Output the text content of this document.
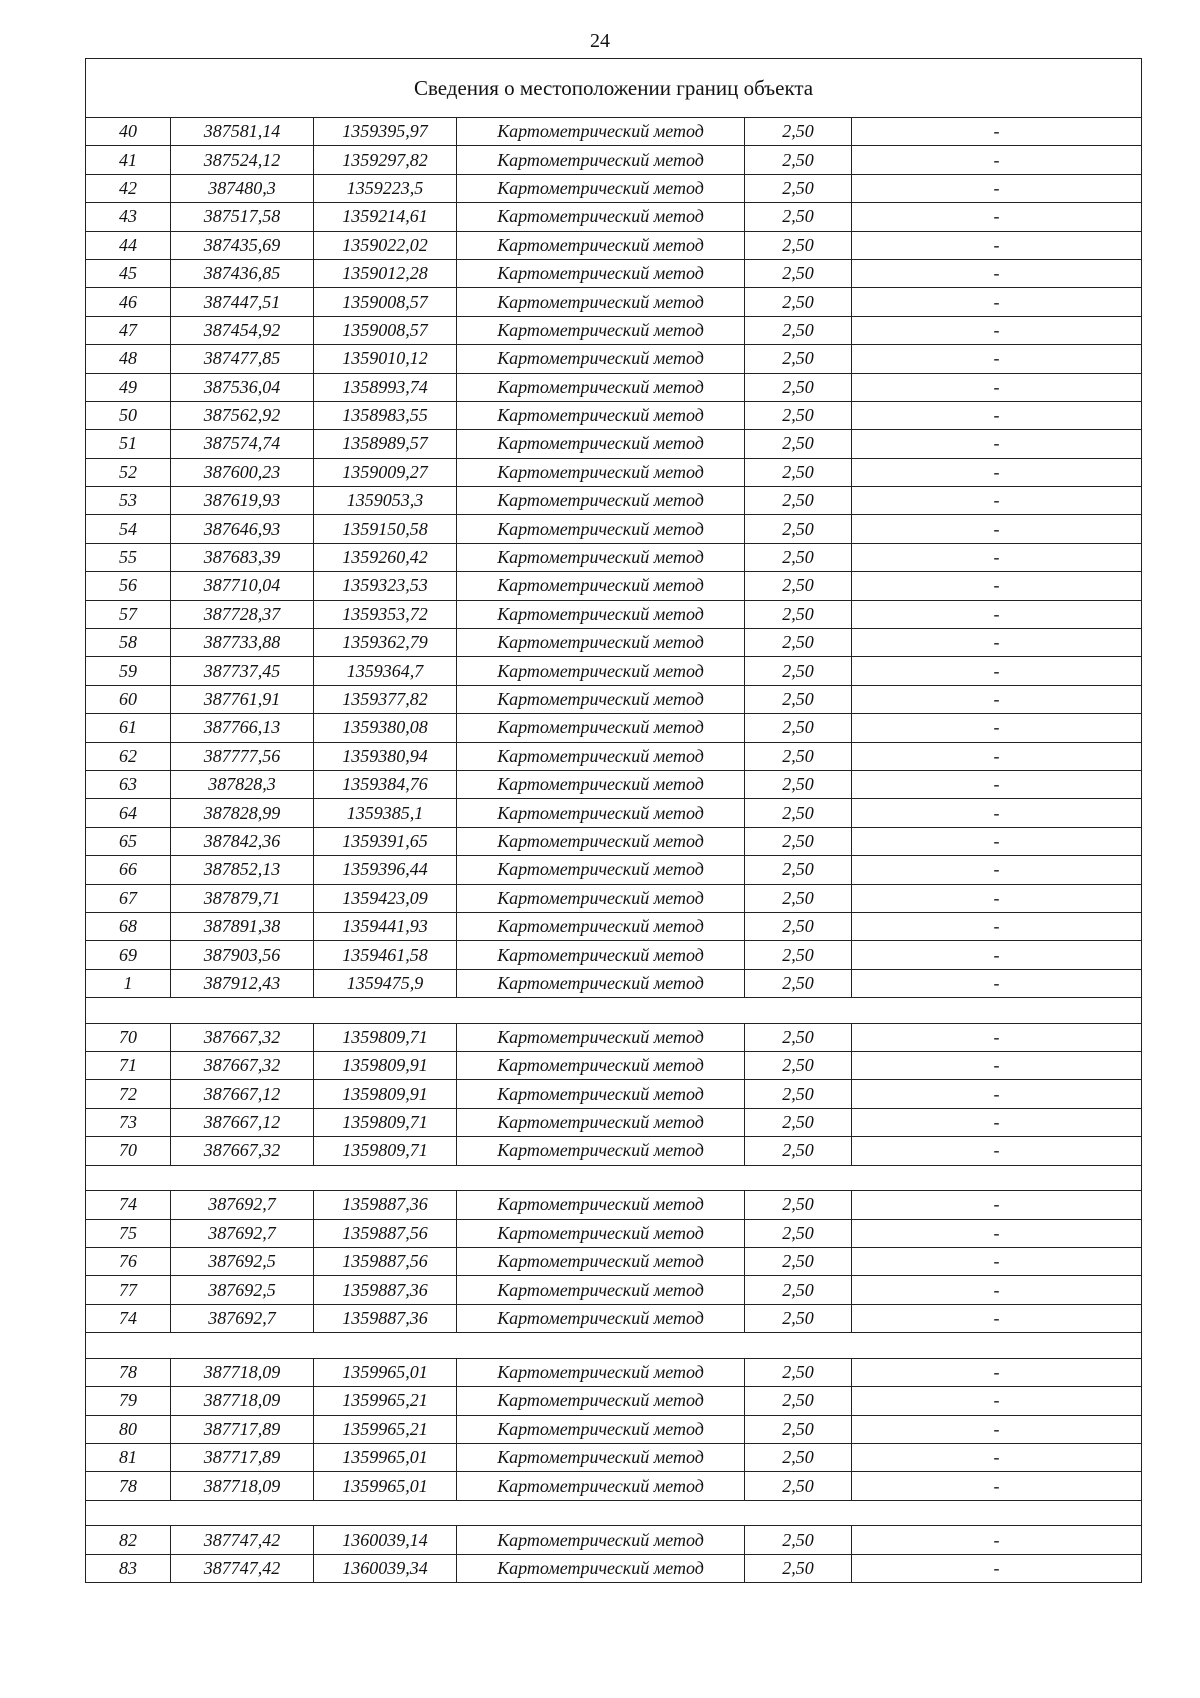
24
Сведения о местоположении границ объекта					
40	387581,14	1359395,97	Картометрический метод	2,50	-
41	387524,12	1359297,82	Картометрический метод	2,50	-
42	387480,3	1359223,5	Картометрический метод	2,50	-
43	387517,58	1359214,61	Картометрический метод	2,50	-
44	387435,69	1359022,02	Картометрический метод	2,50	-
45	387436,85	1359012,28	Картометрический метод	2,50	-
46	387447,51	1359008,57	Картометрический метод	2,50	-
47	387454,92	1359008,57	Картометрический метод	2,50	-
48	387477,85	1359010,12	Картометрический метод	2,50	-
49	387536,04	1358993,74	Картометрический метод	2,50	-
50	387562,92	1358983,55	Картометрический метод	2,50	-
51	387574,74	1358989,57	Картометрический метод	2,50	-
52	387600,23	1359009,27	Картометрический метод	2,50	-
53	387619,93	1359053,3	Картометрический метод	2,50	-
54	387646,93	1359150,58	Картометрический метод	2,50	-
55	387683,39	1359260,42	Картометрический метод	2,50	-
56	387710,04	1359323,53	Картометрический метод	2,50	-
57	387728,37	1359353,72	Картометрический метод	2,50	-
58	387733,88	1359362,79	Картометрический метод	2,50	-
59	387737,45	1359364,7	Картометрический метод	2,50	-
60	387761,91	1359377,82	Картометрический метод	2,50	-
61	387766,13	1359380,08	Картометрический метод	2,50	-
62	387777,56	1359380,94	Картометрический метод	2,50	-
63	387828,3	1359384,76	Картометрический метод	2,50	-
64	387828,99	1359385,1	Картометрический метод	2,50	-
65	387842,36	1359391,65	Картометрический метод	2,50	-
66	387852,13	1359396,44	Картометрический метод	2,50	-
67	387879,71	1359423,09	Картометрический метод	2,50	-
68	387891,38	1359441,93	Картометрический метод	2,50	-
69	387903,56	1359461,58	Картометрический метод	2,50	-
1	387912,43	1359475,9	Картометрический метод	2,50	-

70	387667,32	1359809,71	Картометрический метод	2,50	-
71	387667,32	1359809,91	Картометрический метод	2,50	-
72	387667,12	1359809,91	Картометрический метод	2,50	-
73	387667,12	1359809,71	Картометрический метод	2,50	-
70	387667,32	1359809,71	Картометрический метод	2,50	-

74	387692,7	1359887,36	Картометрический метод	2,50	-
75	387692,7	1359887,56	Картометрический метод	2,50	-
76	387692,5	1359887,56	Картометрический метод	2,50	-
77	387692,5	1359887,36	Картометрический метод	2,50	-
74	387692,7	1359887,36	Картометрический метод	2,50	-

78	387718,09	1359965,01	Картометрический метод	2,50	-
79	387718,09	1359965,21	Картометрический метод	2,50	-
80	387717,89	1359965,21	Картометрический метод	2,50	-
81	387717,89	1359965,01	Картометрический метод	2,50	-
78	387718,09	1359965,01	Картометрический метод	2,50	-

82	387747,42	1360039,14	Картометрический метод	2,50	-
83	387747,42	1360039,34	Картометрический метод	2,50	-
